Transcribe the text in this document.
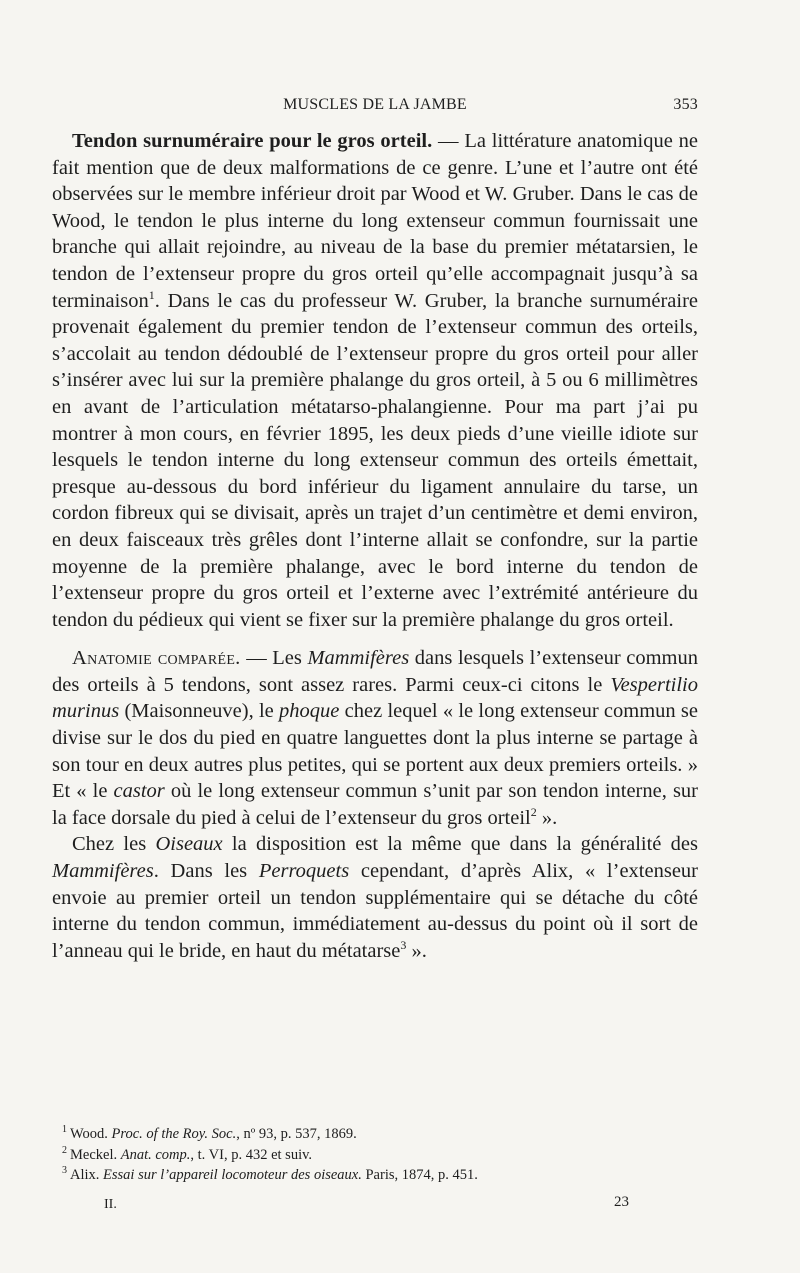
MUSCLES DE LA JAMBE	353

Tendon surnuméraire pour le gros orteil. — La littérature anatomique ne fait mention que de deux malformations de ce genre. L’une et l’autre ont été observées sur le membre inférieur droit par Wood et W. Gruber. Dans le cas de Wood, le tendon le plus interne du long extenseur commun fournissait une branche qui allait rejoindre, au niveau de la base du premier métatarsien, le tendon de l’extenseur propre du gros orteil qu’elle accompagnait jusqu’à sa terminaison$^1$. Dans le cas du professeur W. Gruber, la branche surnuméraire provenait également du premier tendon de l’extenseur commun des orteils, s’accolait au tendon dédoublé de l’extenseur propre du gros orteil pour aller s’insérer avec lui sur la première phalange du gros orteil, à 5 ou 6 millimètres en avant de l’articulation métatarso-phalangienne. Pour ma part j’ai pu montrer à mon cours, en février 1895, les deux pieds d’une vieille idiote sur lesquels le tendon interne du long extenseur commun des orteils émettait, presque au-dessous du bord inférieur du ligament annulaire du tarse, un cordon fibreux qui se divisait, après un trajet d’un centimètre et demi environ, en deux faisceaux très grêles dont l’interne allait se confondre, sur la partie moyenne de la première phalange, avec le bord interne du tendon de l’extenseur propre du gros orteil et l’externe avec l’extrémité antérieure du tendon du pédieux qui vient se fixer sur la première phalange du gros orteil.

Anatomie comparée. — Les Mammifères dans lesquels l’extenseur commun des orteils à 5 tendons, sont assez rares. Parmi ceux-ci citons le Vespertilio murinus (Maisonneuve), le phoque chez lequel « le long extenseur commun se divise sur le dos du pied en quatre languettes dont la plus interne se partage à son tour en deux autres plus petites, qui se portent aux deux premiers orteils. » Et « le castor où le long extenseur commun s’unit par son tendon interne, sur la face dorsale du pied à celui de l’extenseur du gros orteil$^2$ ».

Chez les Oiseaux la disposition est la même que dans la généralité des Mammifères. Dans les Perroquets cependant, d’après Alix, « l’extenseur envoie au premier orteil un tendon supplémentaire qui se détache du côté interne du tendon commun, immédiatement au-dessus du point où il sort de l’anneau qui le bride, en haut du métatarse$^3$ ».

$^1$ Wood. Proc. of the Roy. Soc., nº 93, p. 537, 1869.
$^2$ Meckel. Anat. comp., t. VI, p. 432 et suiv.
$^3$ Alix. Essai sur l’appareil locomoteur des oiseaux. Paris, 1874, p. 451.
II.	23
